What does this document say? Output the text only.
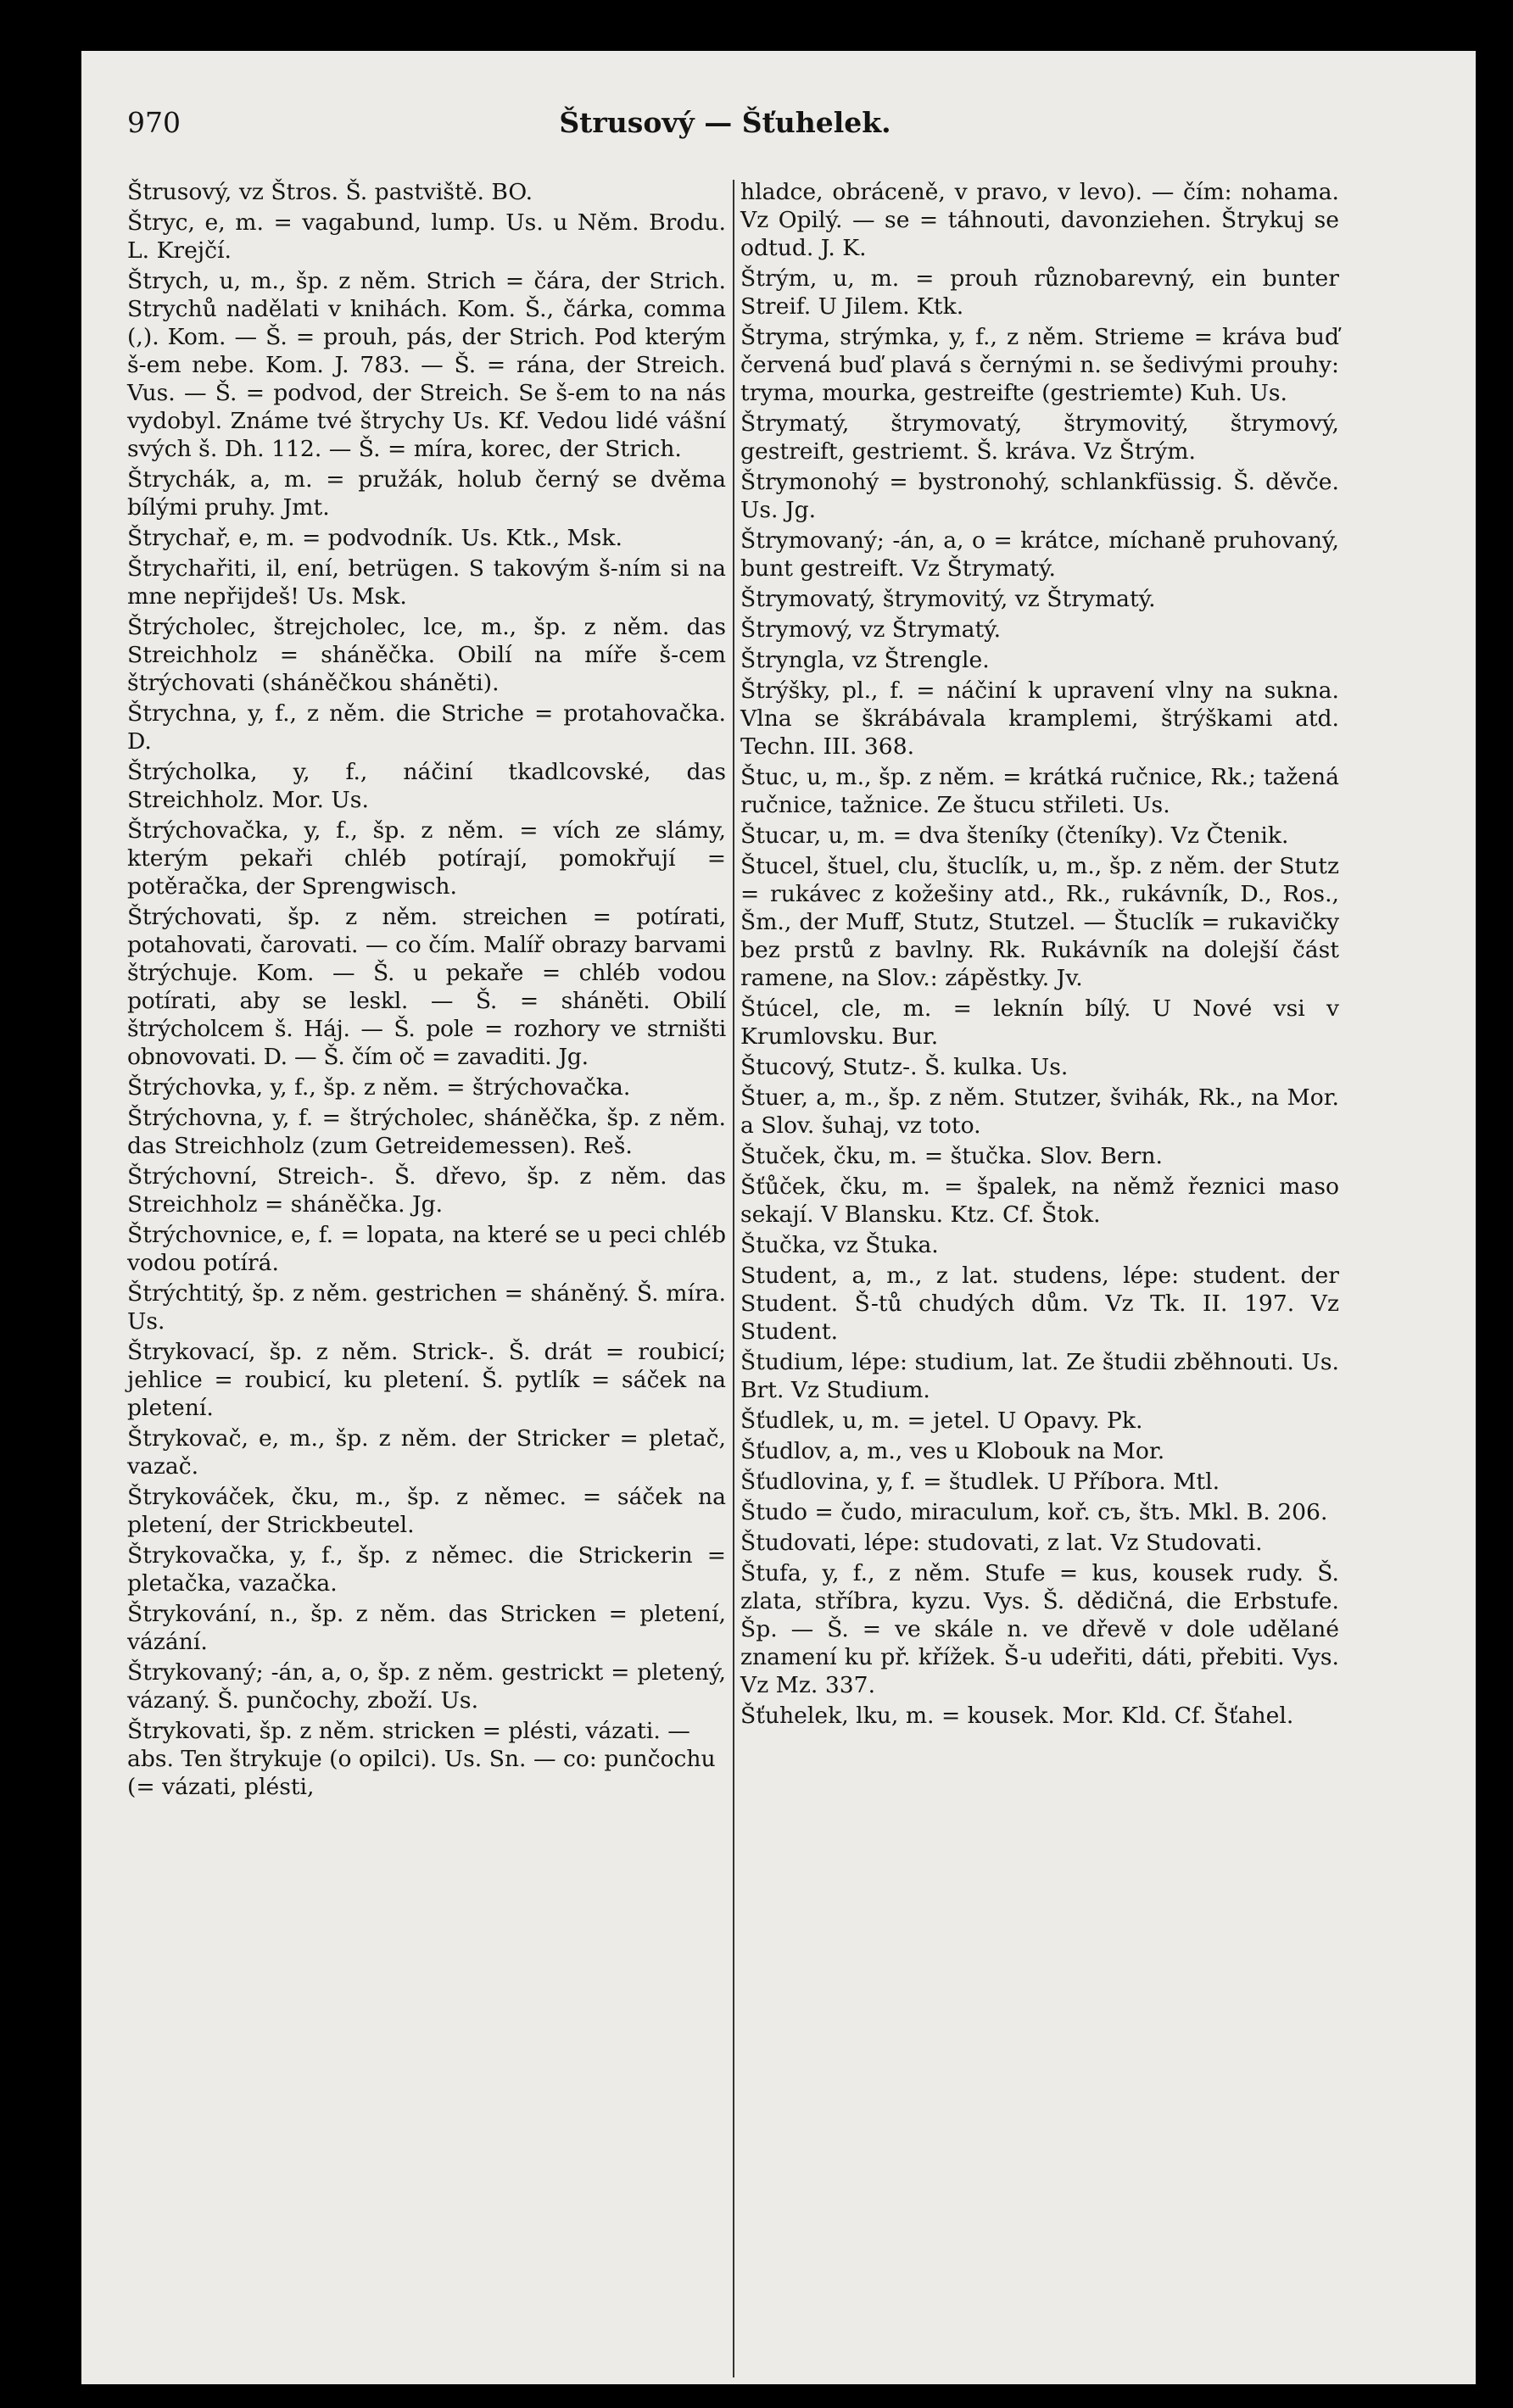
970	Štrusový — Šťuhelek.

Štrusový, vz Štros. Š. pastviště. BO.

Štryc, e, m. = vagabund, lump. Us. u Něm. Brodu. L. Krejčí.

Štrych, u, m., šp. z něm. Strich = čára, der Strich. Strychů nadělati v knihách. Kom. Š., čárka, comma (,). Kom. — Š. = prouh, pás, der Strich. Pod kterým š-em nebe. Kom. J. 783. — Š. = rána, der Streich. Vus. — Š. = podvod, der Streich. Se š-em to na nás vydobyl. Známe tvé štrychy Us. Kf. Vedou lidé vášní svých š. Dh. 112. — Š. = míra, korec, der Strich.

Štrychák, a, m. = pružák, holub černý se dvěma bílými pruhy. Jmt.

Štrychař, e, m. = podvodník. Us. Ktk., Msk.

Štrychařiti, il, ení, betrügen. S takovým š-ním si na mne nepřijdeš! Us. Msk.

Štrýcholec, štrejcholec, lce, m., šp. z něm. das Streichholz = sháněčka. Obilí na míře š-cem štrýchovati (sháněčkou sháněti).

Štrychna, y, f., z něm. die Striche = protahovačka. D.

Štrýcholka, y, f., náčiní tkadlcovské, das Streichholz. Mor. Us.

Štrýchovačka, y, f., šp. z něm. = vích ze slámy, kterým pekaři chléb potírají, pomokřují = potěračka, der Sprengwisch.

Štrýchovati, šp. z něm. streichen = potírati, potahovati, čarovati. — co čím. Malíř obrazy barvami štrýchuje. Kom. — Š. u pekaře = chléb vodou potírati, aby se leskl. — Š. = sháněti. Obilí štrýcholcem š. Háj. — Š. pole = rozhory ve strništi obnovovati. D. — Š. čím oč = zavaditi. Jg.

Štrýchovka, y, f., šp. z něm. = štrýchovačka.

Štrýchovna, y, f. = štrýcholec, sháněčka, šp. z něm. das Streichholz (zum Getreidemessen). Reš.

Štrýchovní, Streich-. Š. dřevo, šp. z něm. das Streichholz = sháněčka. Jg.

Štrýchovnice, e, f. = lopata, na které se u peci chléb vodou potírá.

Štrýchtitý, šp. z něm. gestrichen = sháněný. Š. míra. Us.

Štrykovací, šp. z něm. Strick-. Š. drát = roubicí; jehlice = roubicí, ku pletení. Š. pytlík = sáček na pletení.

Štrykovač, e, m., šp. z něm. der Stricker = pletač, vazač.

Štrykováček, čku, m., šp. z němec. = sáček na pletení, der Strickbeutel.

Štrykovačka, y, f., šp. z němec. die Strickerin = pletačka, vazačka.

Štrykování, n., šp. z něm. das Stricken = pletení, vázání.

Štrykovaný; -án, a, o, šp. z něm. gestrickt = pletený, vázaný. Š. punčochy, zboží. Us.

Štrykovati, šp. z něm. stricken = plésti, vázati. — abs. Ten štrykuje (o opilci). Us. Sn. — co: punčochu (= vázati, plésti,

hladce, obráceně, v pravo, v levo). — čím: nohama. Vz Opilý. — se = táhnouti, davonziehen. Štrykuj se odtud. J. K.

Štrým, u, m. = prouh různobarevný, ein bunter Streif. U Jilem. Ktk.

Štryma, strýmka, y, f., z něm. Strieme = kráva buď červená buď plavá s černými n. se šedivými prouhy: tryma, mourka, gestreifte (gestriemte) Kuh. Us.

Štrymatý, štrymovatý, štrymovitý, štrymový, gestreift, gestriemt. Š. kráva. Vz Štrým.

Štrymonohý = bystronohý, schlankfüssig. Š. děvče. Us. Jg.

Štrymovaný; -án, a, o = krátce, míchaně pruhovaný, bunt gestreift. Vz Štrymatý.

Štrymovatý, štrymovitý, vz Štrymatý.

Štrymový, vz Štrymatý.

Štryngla, vz Štrengle.

Štrýšky, pl., f. = náčiní k upravení vlny na sukna. Vlna se škrábávala kramplemi, štrýškami atd. Techn. III. 368.

Štuc, u, m., šp. z něm. = krátká ručnice, Rk.; tažená ručnice, tažnice. Ze štucu střileti. Us.

Štucar, u, m. = dva šteníky (čteníky). Vz Čtenik.

Štucel, štuel, clu, štuclík, u, m., šp. z něm. der Stutz = rukávec z kožešiny atd., Rk., rukávník, D., Ros., Šm., der Muff, Stutz, Stutzel. — Štuclík = rukavičky bez prstů z bavlny. Rk. Rukávník na dolejší část ramene, na Slov.: zápěstky. Jv.

Štúcel, cle, m. = leknín bílý. U Nové vsi v Krumlovsku. Bur.

Štucový, Stutz-. Š. kulka. Us.

Štuer, a, m., šp. z něm. Stutzer, švihák, Rk., na Mor. a Slov. šuhaj, vz toto.

Štuček, čku, m. = štučka. Slov. Bern.

Šťůček, čku, m. = špalek, na němž řeznici maso sekají. V Blansku. Ktz. Cf. Štok.

Štučka, vz Štuka.

Student, a, m., z lat. studens, lépe: student. der Student. Š-tů chudých dům. Vz Tk. II. 197. Vz Student.

Študium, lépe: studium, lat. Ze študii zběhnouti. Us. Brt. Vz Studium.

Šťudlek, u, m. = jetel. U Opavy. Pk.

Šťudlov, a, m., ves u Klobouk na Mor.

Šťudlovina, y, f. = študlek. U Příbora. Mtl.

Študo = čudo, miraculum, koř. съ, štъ. Mkl. B. 206.

Študovati, lépe: studovati, z lat. Vz Studovati.

Štufa, y, f., z něm. Stufe = kus, kousek rudy. Š. zlata, stříbra, kyzu. Vys. Š. dědičná, die Erbstufe. Šp. — Š. = ve skále n. ve dřevě v dole udělané znamení ku př. křížek. Š-u udeřiti, dáti, přebiti. Vys. Vz Mz. 337.

Šťuhelek, lku, m. = kousek. Mor. Kld. Cf. Šťahel.
